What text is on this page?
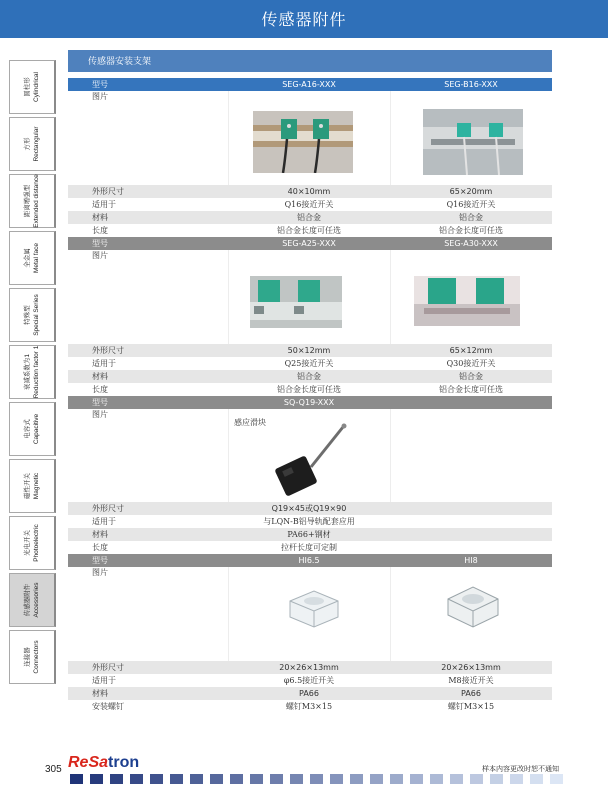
传感器附件
圆柱形 Cylindrical
方形 Rectangular
距离增强型 Extended distance
全金属 Metal face
特殊型 Special Series
衰减系数为1 Reduction factor 1
电容式 Capacitive
磁性开关 Magnetic
光电开关 Photoelectric
传感器附件 Accessories
连接器 Connectors
传感器安装支架
型号	SEG-A16-XXX	SEG-B16-XXX
图片
外形尺寸	40×10mm	65×20mm
适用于	Q16接近开关	Q16接近开关
材料	铝合金	铝合金
长度	铝合金长度可任选	铝合金长度可任选
型号	SEG-A25-XXX	SEG-A30-XXX
图片
外形尺寸	50×12mm	65×12mm
适用于	Q25接近开关	Q30接近开关
材料	铝合金	铝合金
长度	铝合金长度可任选	铝合金长度可任选
型号	SQ-Q19-XXX
图片
感应滑块
外形尺寸	Q19×45或Q19×90
适用于	与LQN-B铝导轨配套应用
材料	PA66+钢材
长度	拉杆长度可定制
型号	HI6.5	HI8
图片
外形尺寸	20×26×13mm	20×26×13mm
适用于	φ6.5接近开关	M8接近开关
材料	PA66	PA66
安装螺钉	螺钉M3×15	螺钉M3×15
305 ReSatron	样本内容更改时恕不通知
